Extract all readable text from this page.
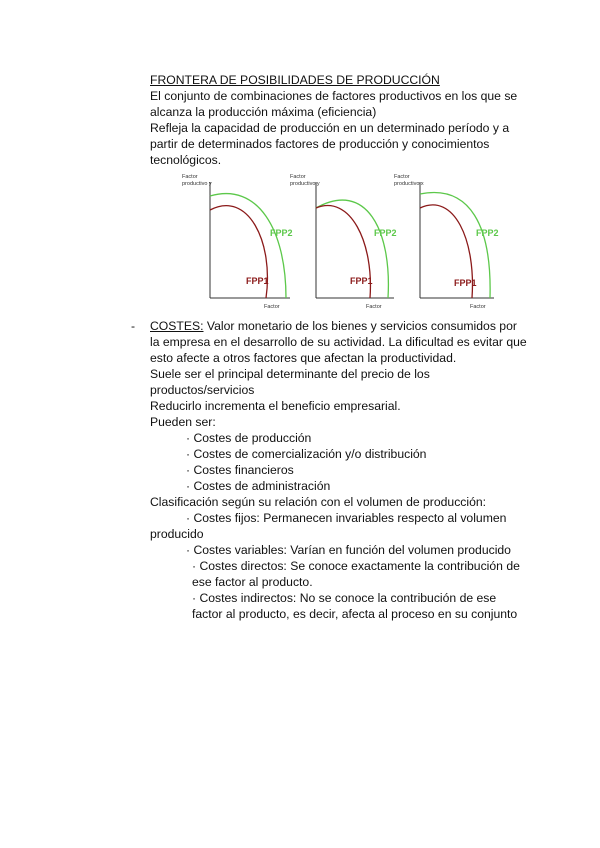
FRONTERA DE POSIBILIDADES DE PRODUCCIÓN
El conjunto de combinaciones de factores productivos en los que se
alcanza la producción máxima (eficiencia)
Refleja la capacidad de producción en un determinado período y a
partir de determinados factores de producción y conocimientos
tecnológicos.
Factor
productivo y
Factor
FPP2
FPP1
Factor
productivo y
Factor
FPP2
FPP1
Factor
productivo x
Factor
FPP2
FPP1
- COSTES: Valor monetario de los bienes y servicios consumidos por
la empresa en el desarrollo de su actividad. La dificultad es evitar que
esto afecte a otros factores que afectan la productividad.
Suele ser el principal determinante del precio de los
productos/servicios
Reducirlo incrementa el beneficio empresarial.
Pueden ser:
· Costes de producción
· Costes de comercialización y/o distribución
· Costes financieros
· Costes de administración
Clasificación según su relación con el volumen de producción:
· Costes fijos: Permanecen invariables respecto al volumen
producido
· Costes variables: Varían en función del volumen producido
· Costes directos: Se conoce exactamente la contribución de
ese factor al producto.
· Costes indirectos: No se conoce la contribución de ese
factor al producto, es decir, afecta al proceso en su conjunto
